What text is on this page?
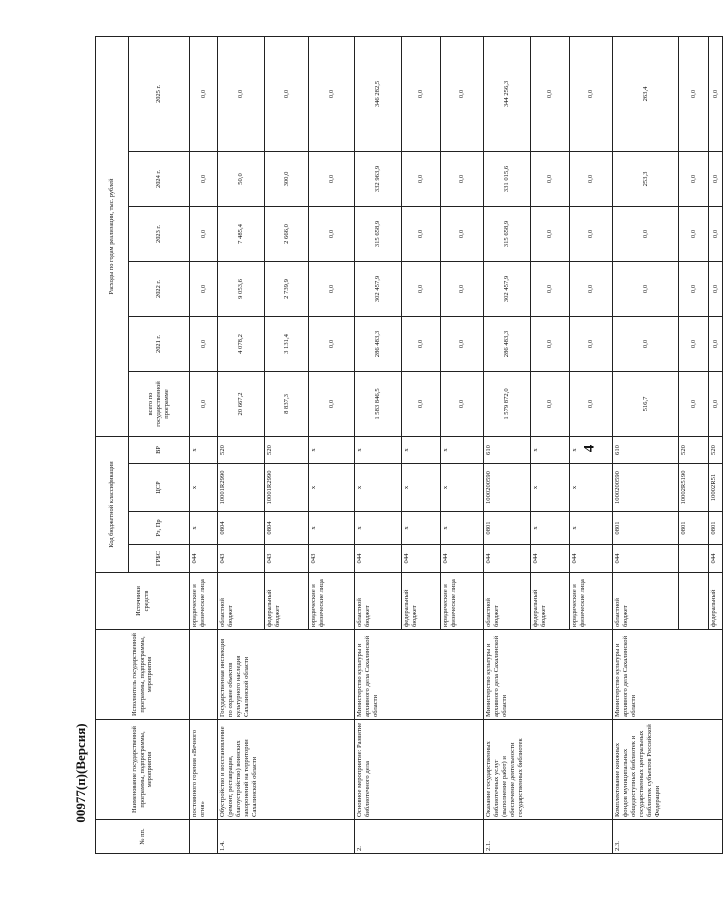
4
№ пп.	Наименование государственной программы, подпрограммы, мероприятия	Исполнитель государственной программы, подпрограммы, мероприятия	Источники средств	Код бюджетной классификации				Расходы по годам реализации, тыс. рублей					
				ГРБС	Рз, Пр	ЦСР	ВР	всего по государственной программе	2021 г.	2022 г.	2023 г.	2024 г.	2025 г.
	постоянного горения «Вечного огня»		юридические и физические лица	044	x	x	x	0,0	0,0	0,0	0,0	0,0	0,0
1.4.	Обустройство и восстановление (ремонт, реставрация, благоустройство) воинских захоронений на территории Сахалинской области	Государственная инспекция по охране объектов культурного наследия Сахалинской области	областной бюджет	043	0804	10001R2990	520	20 667,2	4 078,2	9 053,6	7 485,4	50,0	0,0
			федеральный бюджет	043	0804	10001R2990	520	8 837,3	3 131,4	2 739,9	2 666,0	300,0	0,0
			юридические и физические лица	043	x	x	x	0,0	0,0	0,0	0,0	0,0	0,0
2.	Основное мероприятие: Развитие библиотечного дела	Министерство культуры и архивного дела Сахалинской области	областной бюджет	044	x	x	x	1 583 846,5	286 483,3	302 457,9	315 658,9	332 963,9	346 282,5
			федеральный бюджет	044	x	x	x	0,0	0,0	0,0	0,0	0,0	0,0
			юридические и физические лица	044	x	x	x	0,0	0,0	0,0	0,0	0,0	0,0
2.1.	Оказание государственных библиотечных услуг (выполнение работ) и обеспечение деятельности государственных библиотек	Министерство культуры и архивного дела Сахалинской области	областной бюджет	044	0801	1000200590	610	1 579 872,0	286 483,3	302 457,9	315 658,9	331 015,6	344 256,3
			федеральный бюджет	044	x	x	x	0,0	0,0	0,0	0,0	0,0	0,0
			юридические и физические лица	044	x	x	x	0,0	0,0	0,0	0,0	0,0	0,0
2.3.	Комплектование книжных фондов муниципальных общедоступных библиотек и государственных центральных библиотек субъектов Российской Федерации	Министерство культуры и архивного дела Сахалинской области	областной бюджет	044	0801	1000200590	610	516,7	0,0	0,0	0,0	253,3	263,4
					0801	10002R5190	520	0,0	0,0	0,0	0,0	0,0	0,0
			федеральный	044	0801	10002R51	520	0,0	0,0	0,0	0,0	0,0	0,0
00977(п)(Версия)
